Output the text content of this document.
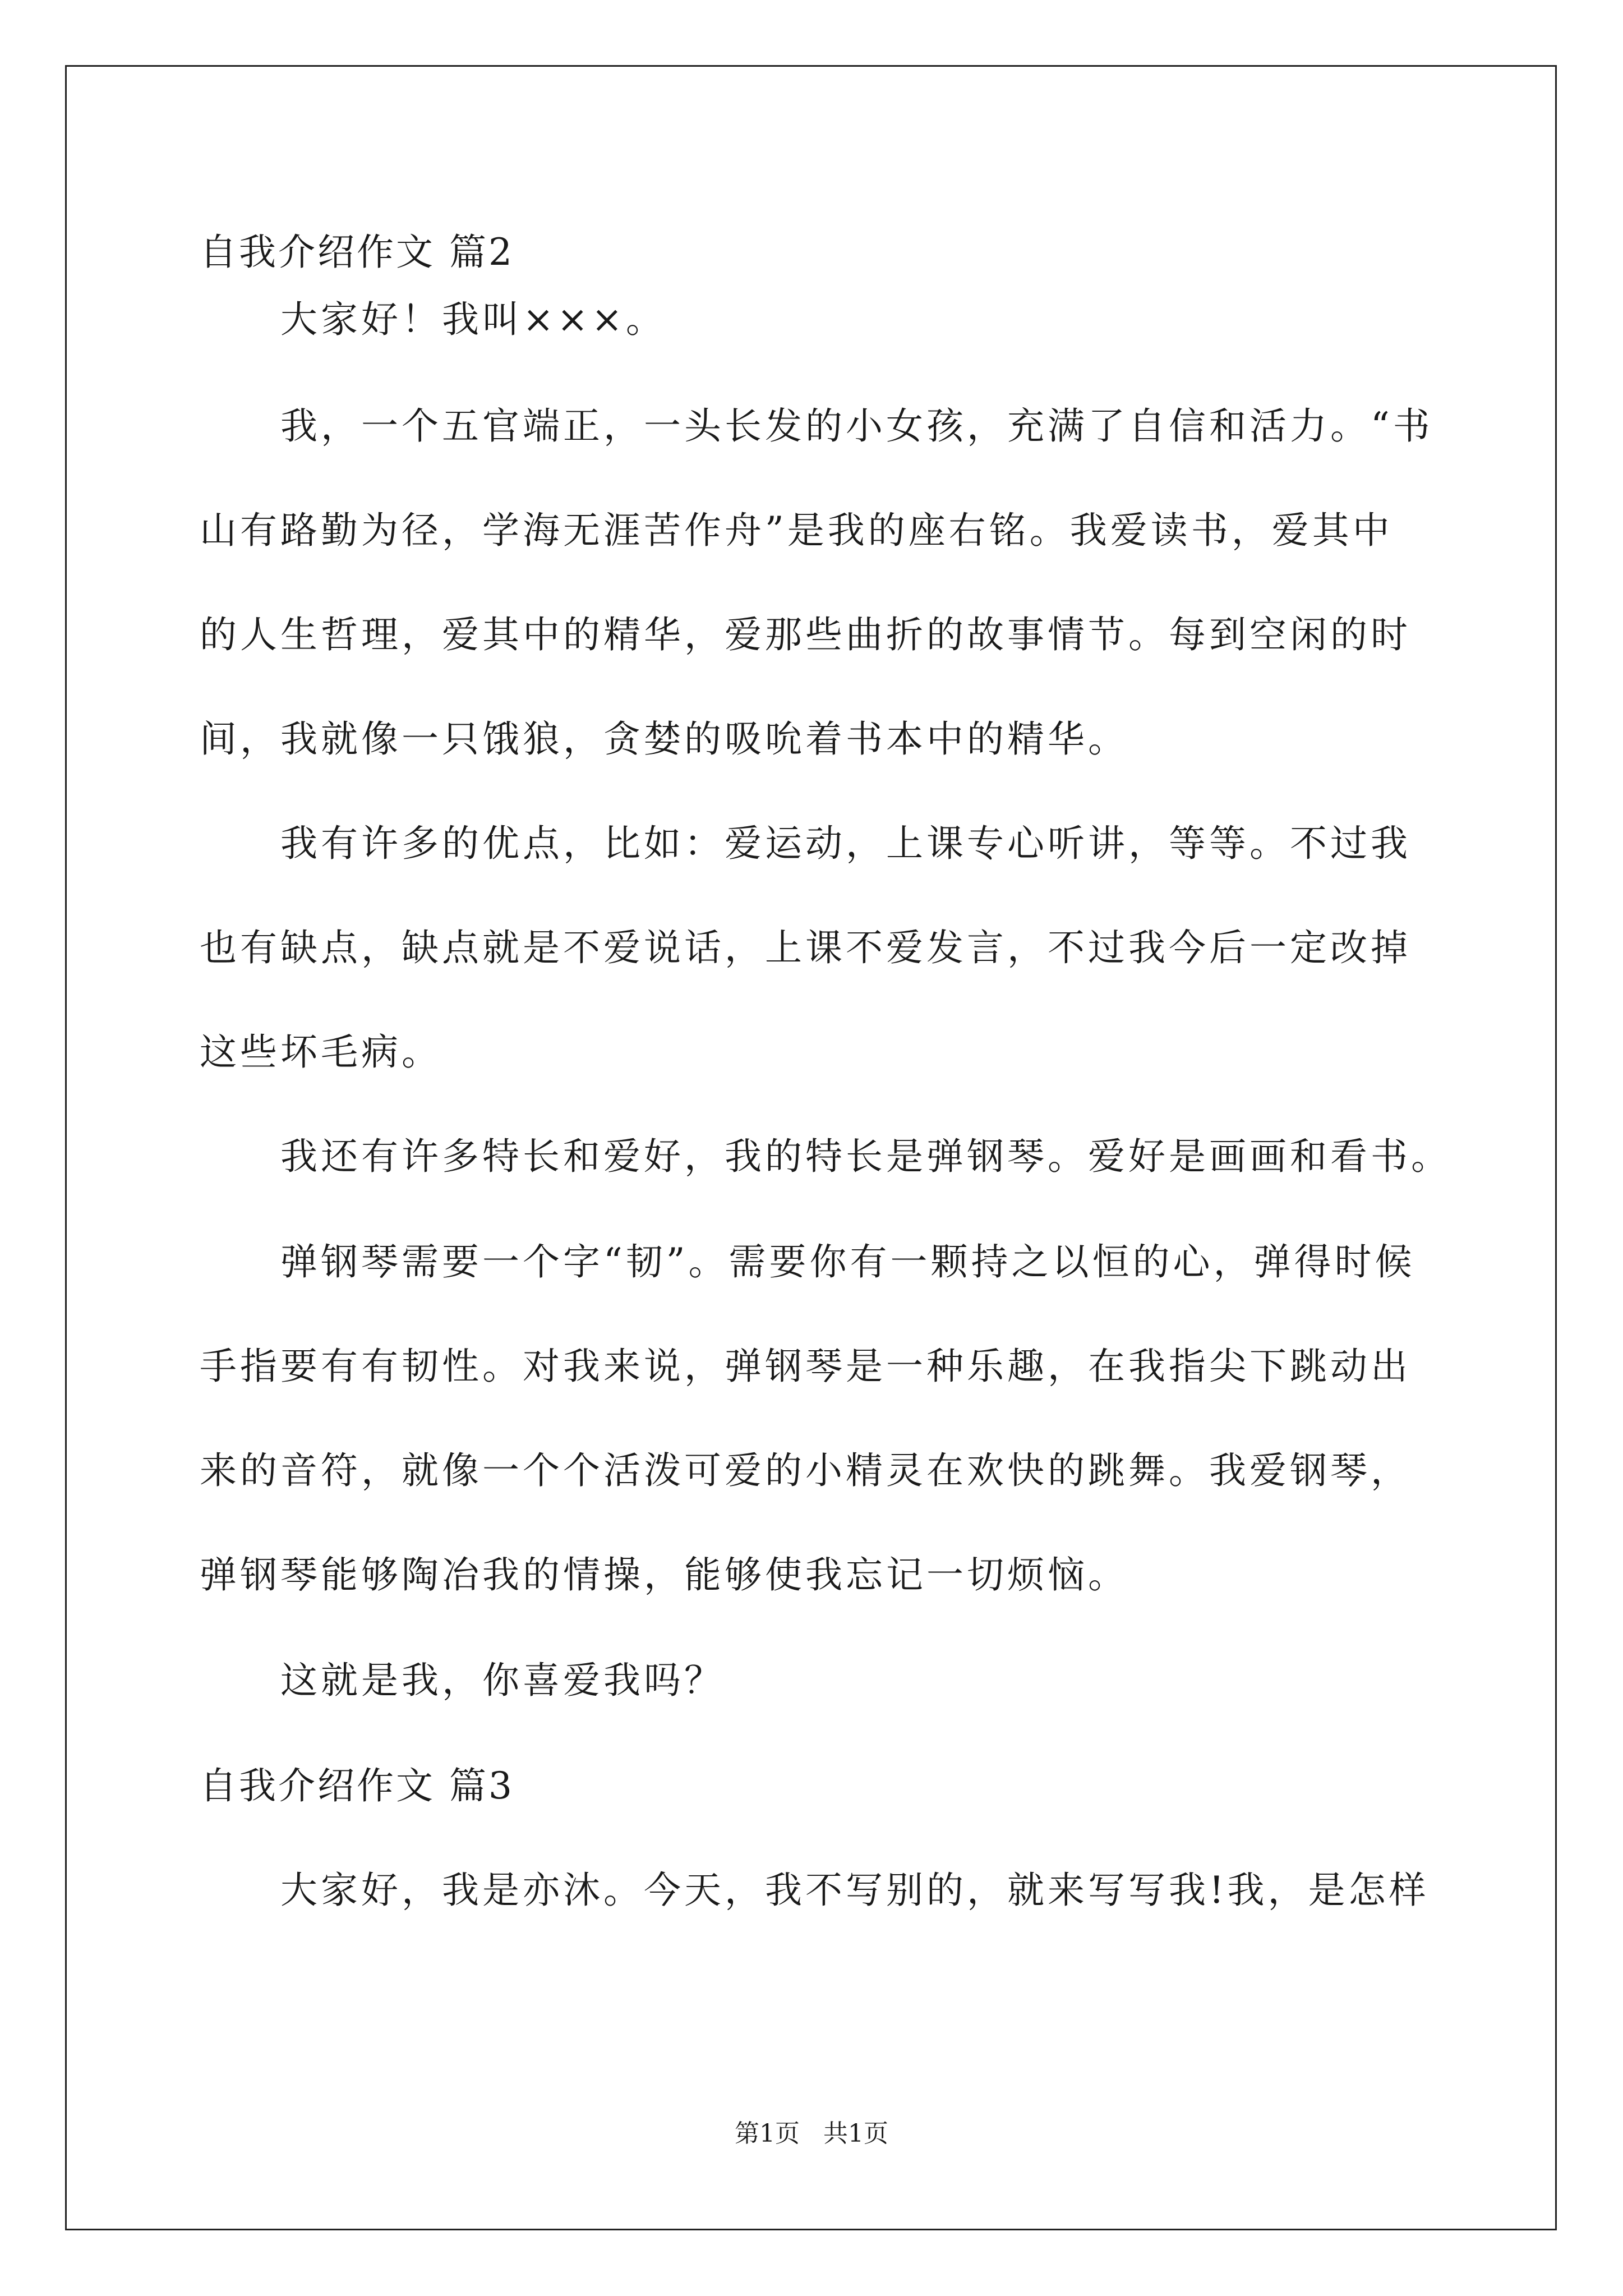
自我介绍作文 篇2
大家好！我叫×××。
我，一个五官端正，一头长发的小女孩，充满了自信和活力。“书
山有路勤为径，学海无涯苦作舟”是我的座右铭。我爱读书，爱其中
的人生哲理，爱其中的精华，爱那些曲折的故事情节。每到空闲的时
间，我就像一只饿狼，贪婪的吸吮着书本中的精华。
我有许多的优点，比如：爱运动，上课专心听讲，等等。不过我
也有缺点，缺点就是不爱说话，上课不爱发言，不过我今后一定改掉
这些坏毛病。
我还有许多特长和爱好，我的特长是弹钢琴。爱好是画画和看书。
弹钢琴需要一个字“韧”。需要你有一颗持之以恒的心，弹得时候
手指要有有韧性。对我来说，弹钢琴是一种乐趣，在我指尖下跳动出
来的音符，就像一个个活泼可爱的小精灵在欢快的跳舞。我爱钢琴，
弹钢琴能够陶冶我的情操，能够使我忘记一切烦恼。
这就是我，你喜爱我吗？
自我介绍作文 篇3
大家好，我是亦沐。今天，我不写别的，就来写写我!我，是怎样
第1页   共1页
